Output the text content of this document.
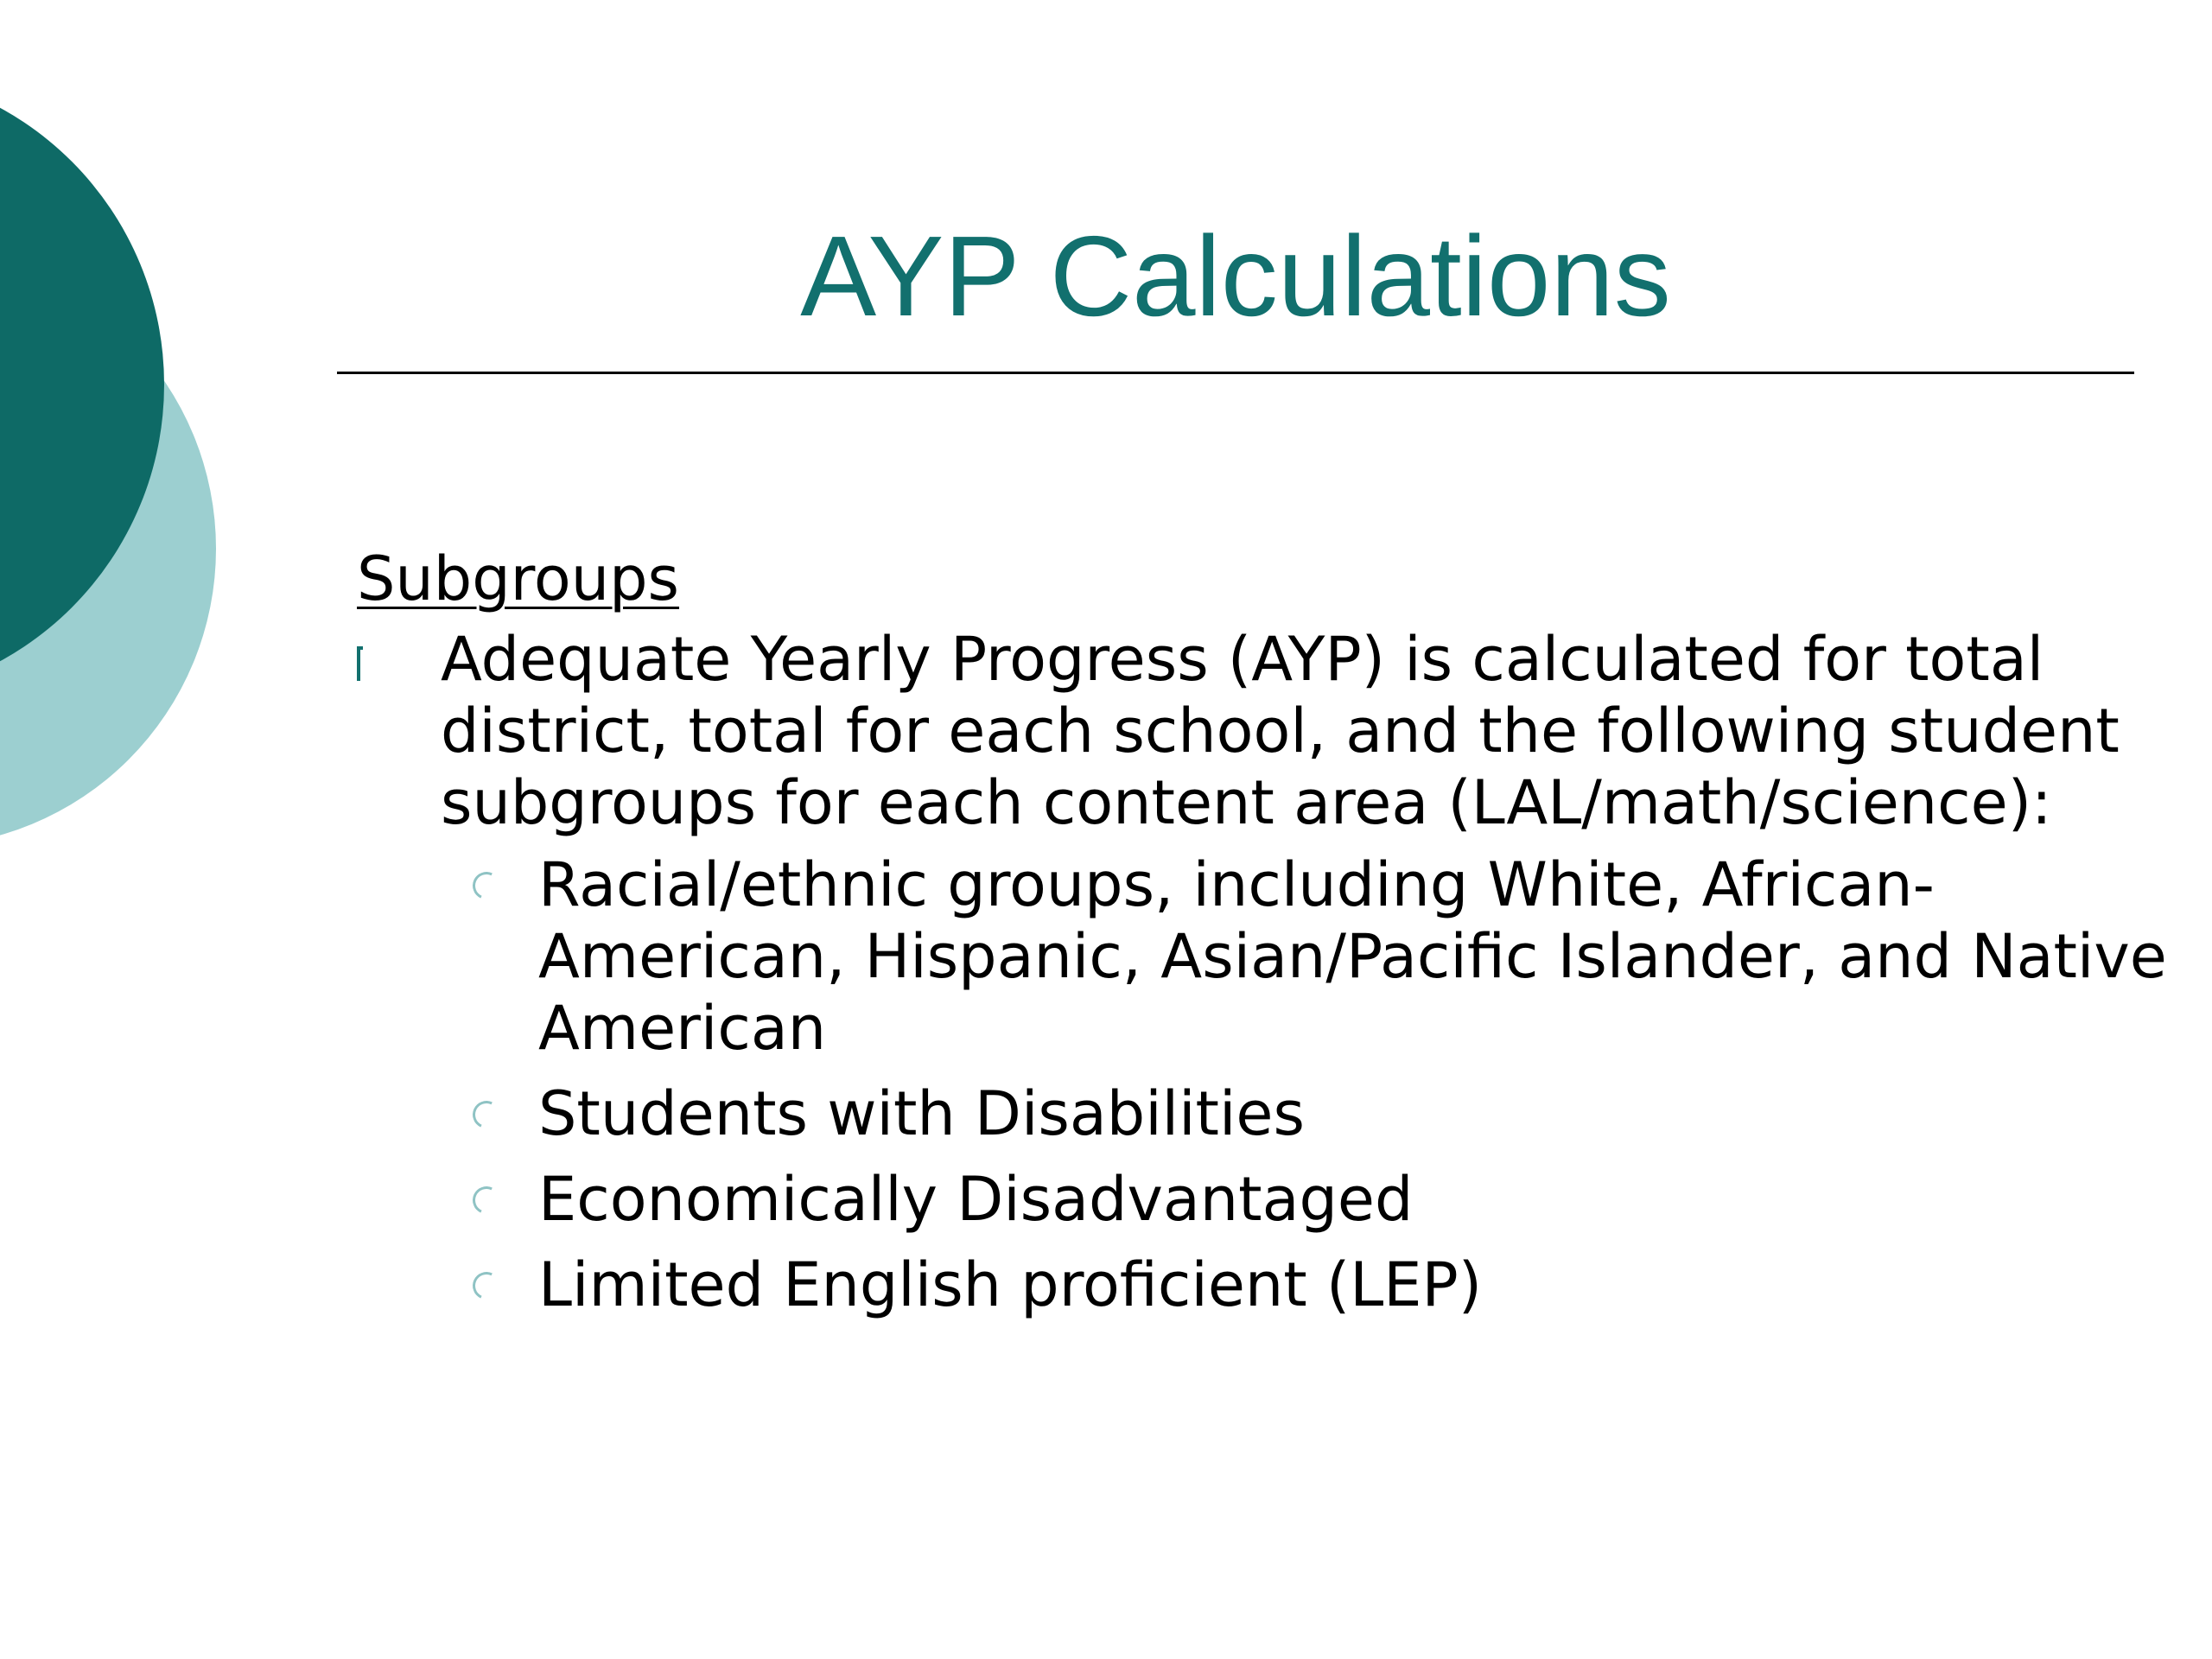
AYP Calculations
Subgroups
Adequate Yearly Progress (AYP) is calculated for total district, total for each school, and the following student subgroups for each content area (LAL/math/science):
Racial/ethnic groups, including White, African-American, Hispanic, Asian/Pacific Islander, and Native American
Students with Disabilities
Economically Disadvantaged
Limited English proficient (LEP)
